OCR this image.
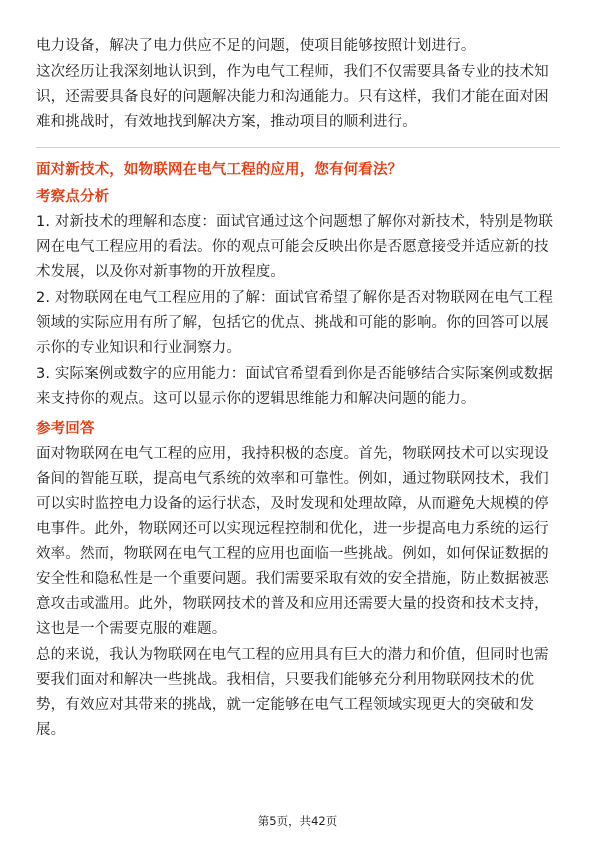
电力设备，解决了电力供应不足的问题，使项目能够按照计划进行。

这次经历让我深刻地认识到，作为电气工程师，我们不仅需要具备专业的技术知识，还需要具备良好的问题解决能力和沟通能力。只有这样，我们才能在面对困难和挑战时，有效地找到解决方案，推动项目的顺利进行。

面对新技术，如物联网在电气工程的应用，您有何看法？

考察点分析

1. 对新技术的理解和态度：面试官通过这个问题想了解你对新技术，特别是物联网在电气工程应用的看法。你的观点可能会反映出你是否愿意接受并适应新的技术发展，以及你对新事物的开放程度。

2. 对物联网在电气工程应用的了解：面试官希望了解你是否对物联网在电气工程领域的实际应用有所了解，包括它的优点、挑战和可能的影响。你的回答可以展示你的专业知识和行业洞察力。

3. 实际案例或数字的应用能力：面试官希望看到你是否能够结合实际案例或数据来支持你的观点。这可以显示你的逻辑思维能力和解决问题的能力。

参考回答

面对物联网在电气工程的应用，我持积极的态度。首先，物联网技术可以实现设备间的智能互联，提高电气系统的效率和可靠性。例如，通过物联网技术，我们可以实时监控电力设备的运行状态，及时发现和处理故障，从而避免大规模的停电事件。此外，物联网还可以实现远程控制和优化，进一步提高电力系统的运行效率。然而，物联网在电气工程的应用也面临一些挑战。例如，如何保证数据的安全性和隐私性是一个重要问题。我们需要采取有效的安全措施，防止数据被恶意攻击或滥用。此外，物联网技术的普及和应用还需要大量的投资和技术支持，这也是一个需要克服的难题。

总的来说，我认为物联网在电气工程的应用具有巨大的潜力和价值，但同时也需要我们面对和解决一些挑战。我相信，只要我们能够充分利用物联网技术的优势，有效应对其带来的挑战，就一定能够在电气工程领域实现更大的突破和发展。

第5页，共42页
